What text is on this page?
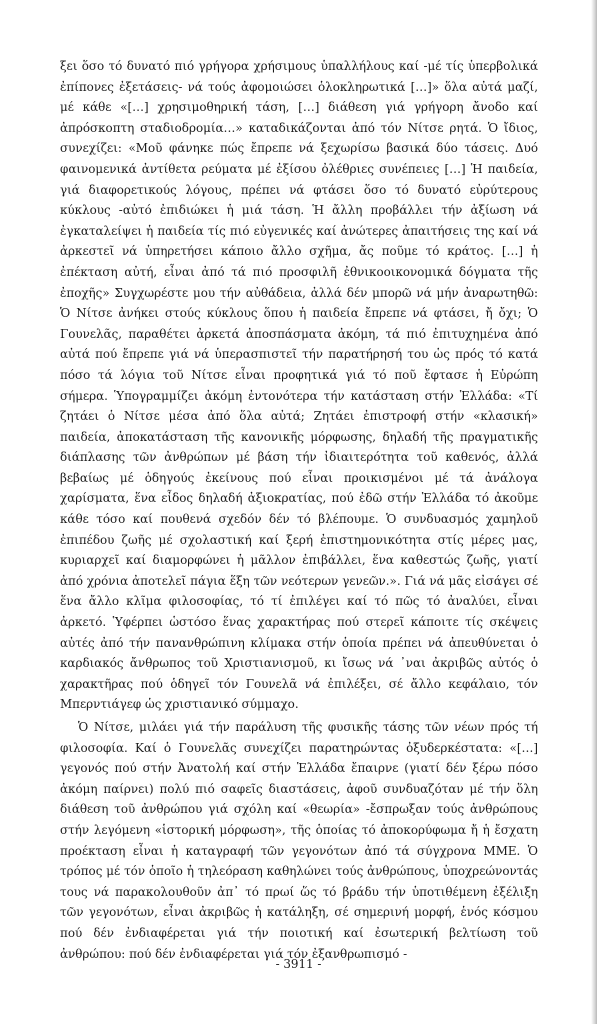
ξει ὅσο τό δυνατό πιό γρήγορα χρήσιμους ὑπαλλήλους καί -μέ τίς ὑπερβολικά ἐπίπονες ἐξετάσεις- νά τούς ἀφομοιώσει ὁλοκληρωτικά […]» ὅλα αὐτά μαζί, μέ κάθε «[…] χρησιμοθηρική τάση, […] διάθεση γιά γρήγορη ἄνοδο καί ἀπρόσκοπτη σταδιοδρομία…» καταδικάζονται ἀπό τόν Νίτσε ρητά. Ὁ ἴδιος, συνεχίζει: «Μοῦ φάνηκε πώς ἔπρεπε νά ξεχωρίσω βασικά δύο τάσεις. Δυό φαινομενικά ἀντίθετα ρεύματα μέ ἐξίσου ὀλέθριες συνέπειες […] Ἡ παιδεία, γιά διαφορετικούς λόγους, πρέπει νά φτάσει ὅσο τό δυνατό εὐρύτερους κύκλους -αὐτό ἐπιδιώκει ἡ μιά τάση. Ἡ ἄλλη προβάλλει τήν ἀξίωση νά ἐγκαταλείψει ἡ παιδεία τίς πιό εὐγενικές καί ἀνώτερες ἀπαιτήσεις της καί νά ἀρκεστεῖ νά ὑπηρετήσει κάποιο ἄλλο σχῆμα, ἄς ποῦμε τό κράτος. […] ἡ ἐπέκταση αὐτή, εἶναι ἀπό τά πιό προσφιλῆ ἐθνικοοικονομικά δόγματα τῆς ἐποχῆς» Συγχωρέστε μου τήν αὐθάδεια, ἀλλά δέν μπορῶ νά μήν ἀναρωτηθῶ: Ὁ Νίτσε ἀνήκει στούς κύκλους ὅπου ἡ παιδεία ἔπρεπε νά φτάσει, ἤ ὄχι; Ὁ Γουνελᾶς, παραθέτει ἀρκετά ἀποσπάσματα ἀκόμη, τά πιό ἐπιτυχημένα ἀπό αὐτά πού ἔπρεπε γιά νά ὑπερασπιστεῖ τήν παρατήρησή του ὡς πρός τό κατά πόσο τά λόγια τοῦ Νίτσε εἶναι προφητικά γιά τό ποῦ ἔφτασε ἡ Εὐρώπη σήμερα. Ὑπογραμμίζει ἀκόμη ἐντονότερα τήν κατάσταση στήν Ἑλλάδα: «Τί ζητάει ὁ Νίτσε μέσα ἀπό ὅλα αὐτά; Ζητάει ἐπιστροφή στήν «κλασική» παιδεία, ἀποκατάσταση τῆς κανονικῆς μόρφωσης, δηλαδή τῆς πραγματικῆς διάπλασης τῶν ἀνθρώπων μέ βάση τήν ἰδιαιτερότητα τοῦ καθενός, ἀλλά βεβαίως μέ ὁδηγούς ἐκείνους πού εἶναι προικισμένοι μέ τά ἀνάλογα χαρίσματα, ἕνα εἶδος δηλαδή ἀξιοκρατίας, πού ἐδῶ στήν Ἑλλάδα τό ἀκοῦμε κάθε τόσο καί πουθενά σχεδόν δέν τό βλέπουμε. Ὁ συνδυασμός χαμηλοῦ ἐπιπέδου ζωῆς μέ σχολαστική καί ξερή ἐπιστημονικότητα στίς μέρες μας, κυριαρχεῖ καί διαμορφώνει ἡ μᾶλλον ἐπιβάλλει, ἕνα καθεστώς ζωῆς, γιατί ἀπό χρόνια ἀποτελεῖ πάγια ἕξη τῶν νεότερων γενεῶν.». Γιά νά μᾶς εἰσάγει σέ ἕνα ἄλλο κλῖμα φιλοσοφίας, τό τί ἐπιλέγει καί τό πῶς τό ἀναλύει, εἶναι ἀρκετό. Ὑφέρπει ὡστόσο ἕνας χαρακτήρας πού στερεῖ κάποιτε τίς σκέψεις αὐτές ἀπό τήν πανανθρώπινη κλίμακα στήν ὁποία πρέπει νά ἀπευθύνεται ὁ καρδιακός ἄνθρωπος τοῦ Χριστιανισμοῦ, κι ἴσως νά ᾽ναι ἀκριβῶς αὐτός ὁ χαρακτῆρας πού ὁδηγεῖ τόν Γουνελᾶ νά ἐπιλέξει, σέ ἄλλο κεφάλαιο, τόν Μπερντιάγεφ ὡς χριστιανικό σύμμαχο.

Ὁ Νίτσε, μιλάει γιά τήν παράλυση τῆς φυσικῆς τάσης τῶν νέων πρός τή φιλοσοφία. Καί ὁ Γουνελᾶς συνεχίζει παρατηρώντας ὀξυδερκέστατα: «[…] γεγονός πού στήν Ἀνατολή καί στήν Ἑλλάδα ἔπαιρνε (γιατί δέν ξέρω πόσο ἀκόμη παίρνει) πολύ πιό σαφεῖς διαστάσεις, ἀφοῦ συνδυαζόταν μέ τήν ὅλη διάθεση τοῦ ἀνθρώπου γιά σχόλη καί «θεωρία» -ἔσπρωξαν τούς ἀνθρώπους στήν λεγόμενη «ἱστορική μόρφωση», τῆς ὁποίας τό ἀποκορύφωμα ἤ ἡ ἔσχατη προέκταση εἶναι ἡ καταγραφή τῶν γεγονότων ἀπό τά σύγχρονα ΜΜΕ. Ὁ τρόπος μέ τόν ὁποῖο ἡ τηλεόραση καθηλώνει τούς ἀνθρώπους, ὑποχρεώνοντάς τους νά παρακολουθοῦν ἀπ᾽ τό πρωί ὥς τό βράδυ τήν ὑποτιθέμενη ἐξέλιξη τῶν γεγονότων, εἶναι ἀκριβῶς ἡ κατάληξη, σέ σημερινή μορφή, ἑνός κόσμου πού δέν ἐνδιαφέρεται γιά τήν ποιοτική καί ἐσωτερική βελτίωση τοῦ ἀνθρώπου: πού δέν ἐνδιαφέρεται γιά τόν ἐξανθρωπισμό -

- 3911 -
